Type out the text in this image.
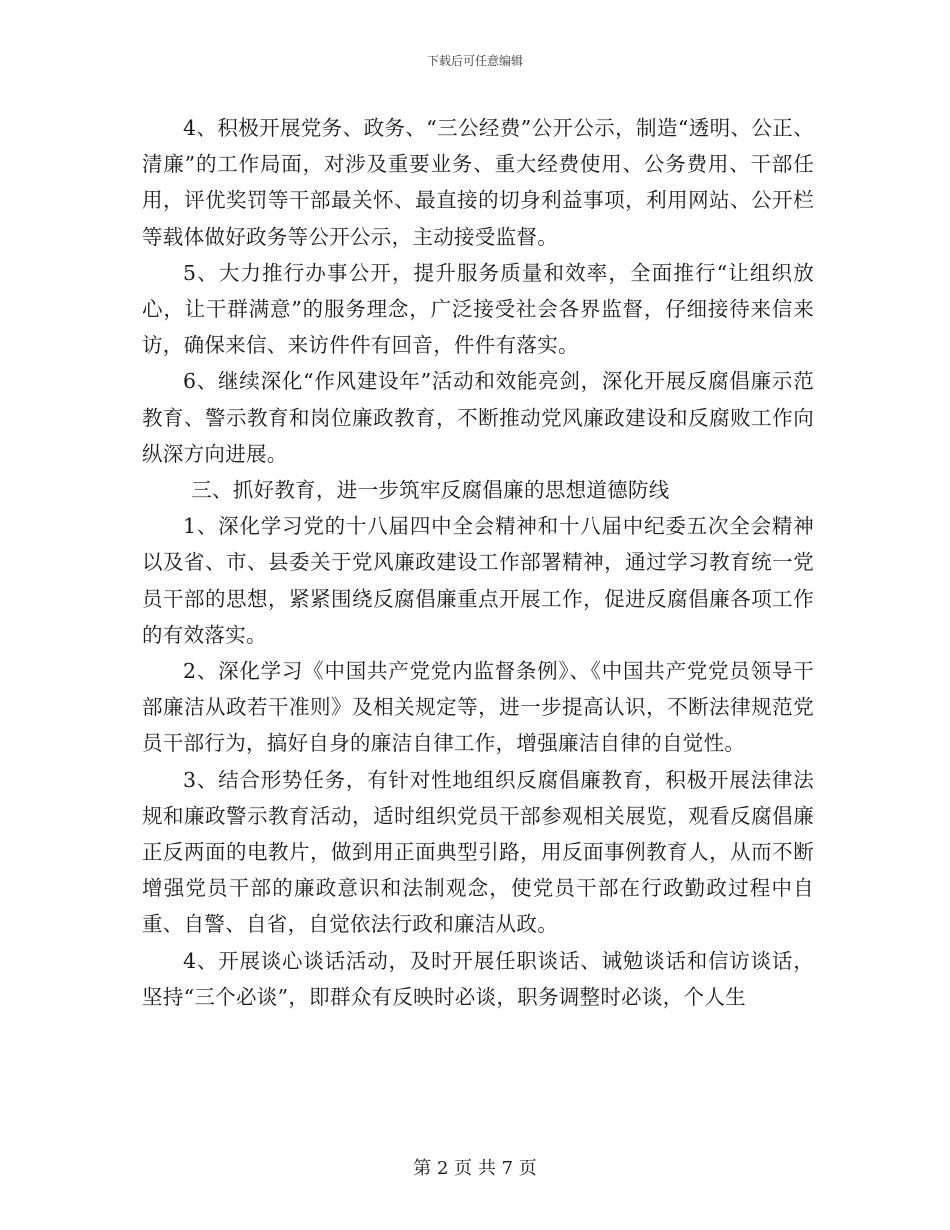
下载后可任意编辑

4、积极开展党务、政务、“三公经费”公开公示，制造“透明、公正、清廉”的工作局面，对涉及重要业务、重大经费使用、公务费用、干部任用，评优奖罚等干部最关怀、最直接的切身利益事项，利用网站、公开栏等载体做好政务等公开公示，主动接受监督。

5、大力推行办事公开，提升服务质量和效率，全面推行“让组织放心，让干群满意”的服务理念，广泛接受社会各界监督，仔细接待来信来访，确保来信、来访件件有回音，件件有落实。

6、继续深化“作风建设年”活动和效能亮剑，深化开展反腐倡廉示范教育、警示教育和岗位廉政教育，不断推动党风廉政建设和反腐败工作向纵深方向进展。

三、抓好教育，进一步筑牢反腐倡廉的思想道德防线

1、深化学习党的十八届四中全会精神和十八届中纪委五次全会精神以及省、市、县委关于党风廉政建设工作部署精神，通过学习教育统一党员干部的思想，紧紧围绕反腐倡廉重点开展工作，促进反腐倡廉各项工作的有效落实。

2、深化学习《中国共产党党内监督条例》、《中国共产党党员领导干部廉洁从政若干准则》及相关规定等，进一步提高认识，不断法律规范党员干部行为，搞好自身的廉洁自律工作，增强廉洁自律的自觉性。

3、结合形势任务，有针对性地组织反腐倡廉教育，积极开展法律法规和廉政警示教育活动，适时组织党员干部参观相关展览，观看反腐倡廉正反两面的电教片，做到用正面典型引路，用反面事例教育人，从而不断增强党员干部的廉政意识和法制观念，使党员干部在行政勤政过程中自重、自警、自省，自觉依法行政和廉洁从政。

4、开展谈心谈话活动，及时开展任职谈话、诫勉谈话和信访谈话，坚持“三个必谈”，即群众有反映时必谈，职务调整时必谈，个人生

第 2 页 共 7 页
